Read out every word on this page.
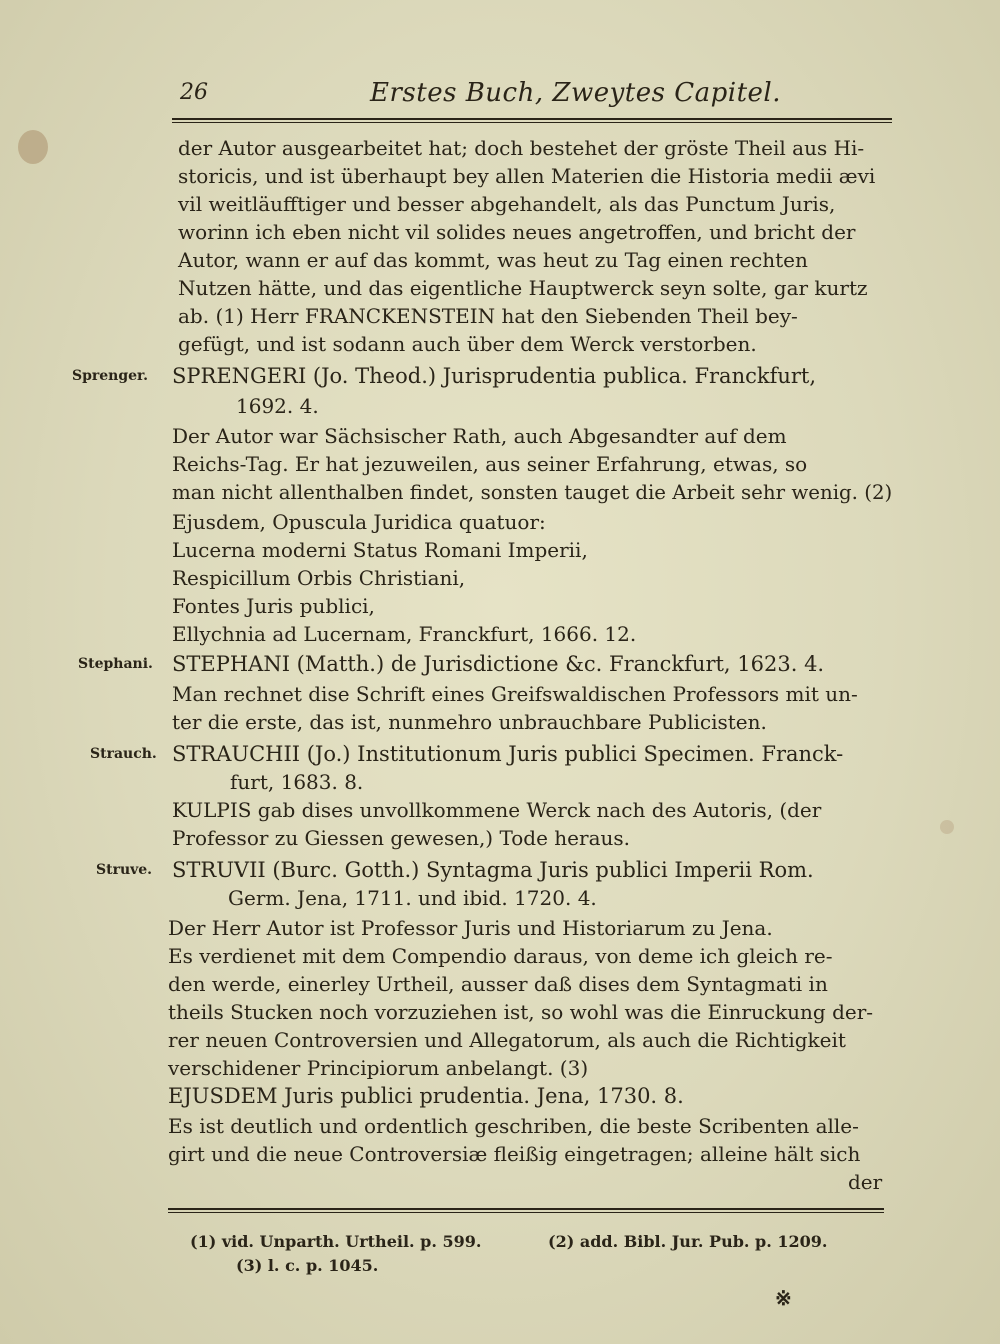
26	Erstes Buch, Zweytes Capitel.
der Autor ausgearbeitet hat; doch bestehet der gröste Theil aus Hi-
storicis, und ist überhaupt bey allen Materien die Historia medii ævi
vil weitläufftiger und besser abgehandelt, als das Punctum Juris,
worinn ich eben nicht vil solides neues angetroffen, und bricht der
Autor, wann er auf das kommt, was heut zu Tag einen rechten
Nutzen hätte, und das eigentliche Hauptwerck seyn solte, gar kurtz
ab. (1) Herr FRANCKENSTEIN hat den Siebenden Theil bey-
gefügt, und ist sodann auch über dem Werck verstorben.
Sprenger. SPRENGERI (Jo. Theod.) Jurisprudentia publica. Franckfurt,
1692. 4.
Der Autor war Sächsischer Rath, auch Abgesandter auf dem
Reichs-Tag. Er hat jezuweilen, aus seiner Erfahrung, etwas, so
man nicht allenthalben findet, sonsten tauget die Arbeit sehr wenig. (2)
Ejusdem, Opuscula Juridica quatuor:
Lucerna moderni Status Romani Imperii,
Respicillum Orbis Christiani,
Fontes Juris publici,
Ellychnia ad Lucernam, Franckfurt, 1666. 12.
Stephani. STEPHANI (Matth.) de Jurisdictione &c. Franckfurt, 1623. 4.
Man rechnet dise Schrift eines Greifswaldischen Professors mit un-
ter die erste, das ist, nunmehro unbrauchbare Publicisten.
Strauch. STRAUCHII (Jo.) Institutionum Juris publici Specimen. Franck-
furt, 1683. 8.
KULPIS gab dises unvollkommene Werck nach des Autoris, (der
Professor zu Giessen gewesen,) Tode heraus.
Struve. STRUVII (Burc. Gotth.) Syntagma Juris publici Imperii Rom.
Germ. Jena, 1711. und ibid. 1720. 4.
Der Herr Autor ist Professor Juris und Historiarum zu Jena.
Es verdienet mit dem Compendio daraus, von deme ich gleich re-
den werde, einerley Urtheil, ausser daß dises dem Syntagmati in
theils Stucken noch vorzuziehen ist, so wohl was die Einruckung der-
rer neuen Controversien und Allegatorum, als auch die Richtigkeit
verschidener Principiorum anbelangt. (3)
EJUSDEM Juris publici prudentia. Jena, 1730. 8.
Es ist deutlich und ordentlich geschriben, die beste Scribenten alle-
girt und die neue Controversiæ fleißig eingetragen; alleine hält sich
der
(1) vid. Unparth. Urtheil. p. 599.	(2) add. Bibl. Jur. Pub. p. 1209.
(3) l. c. p. 1045.
※
